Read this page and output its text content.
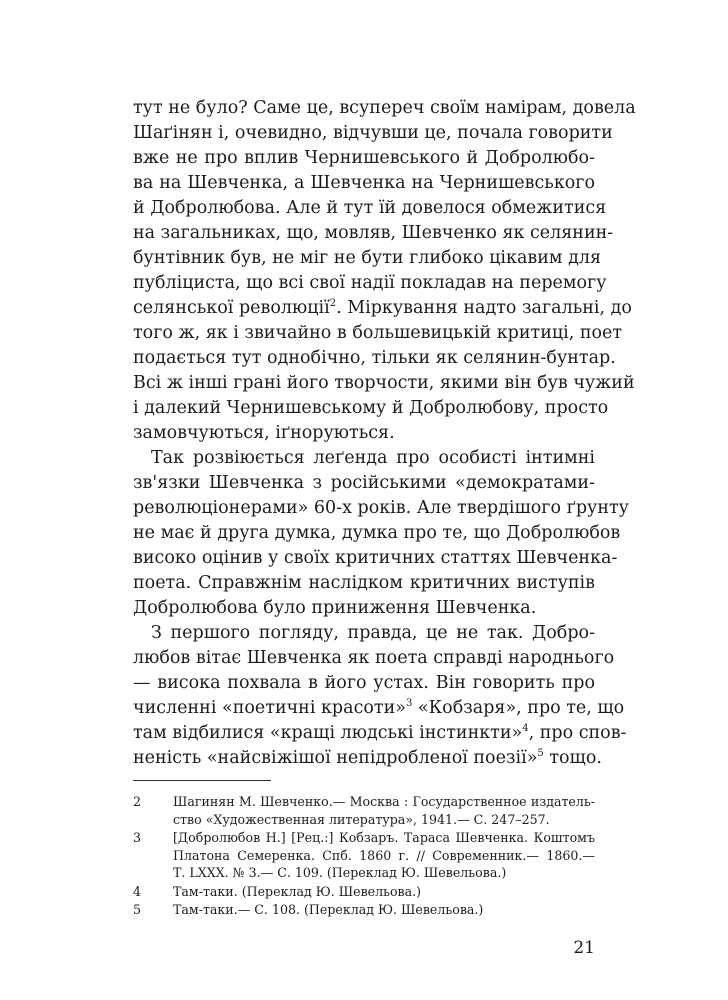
тут не було? Саме це, всупереч своїм намірам, довела
Шаґінян і, очевидно, відчувши це, почала говорити
вже не про вплив Чернишевського й Добролюбо-
ва на Шевченка, а Шевченка на Чернишевського
й Добролюбова. Але й тут їй довелося обмежитися
на загальниках, що, мовляв, Шевченко як селянин-
бунтівник був, не міг не бути глибоко цікавим для
публіциста, що всі свої надії покладав на перемогу
селянської революції$^2$. Міркування надто загальні, до
того ж, як і звичайно в большевицькій критиці, поет
подається тут однобічно, тільки як селянин-бунтар.
Всі ж інші грані його творчости, якими він був чужий
і далекий Чернишевському й Добролюбову, просто
замовчуються, іґноруються.
Так розвіюється леґенда про особисті інтимні
зв'язки Шевченка з російськими «демократами-
революціонерами» 60-х років. Але твердішого ґрунту
не має й друга думка, думка про те, що Добролюбов
високо оцінив у своїх критичних статтях Шевченка-
поета. Справжнім наслідком критичних виступів
Добролюбова було приниження Шевченка.
З першого погляду, правда, це не так. Добро-
любов вітає Шевченка як поета справді народнього
— висока похвала в його устах. Він говорить про
численні «поетичні красоти»$^3$ «Кобзаря», про те, що
там відбилися «кращі людські інстинкти»$^4$, про спов-
неність «найсвіжішої непідробленої поезії»$^5$ тощо.
2	Шагинян М. Шевченко.— Москва : Государственное издатель-
ство «Художественная литература», 1941.— С. 247–257.
3	[Добролюбов Н.] [Рец.:] Кобзаръ. Тараса Шевченка. Коштомъ
Платона Семеренка. Спб. 1860 г. // Современник.— 1860.—
Т. LXXX. № 3.— С. 109. (Переклад Ю. Шевельова.)
4	Там-таки. (Переклад Ю. Шевельова.)
5	Там-таки.— С. 108. (Переклад Ю. Шевельова.)
21
